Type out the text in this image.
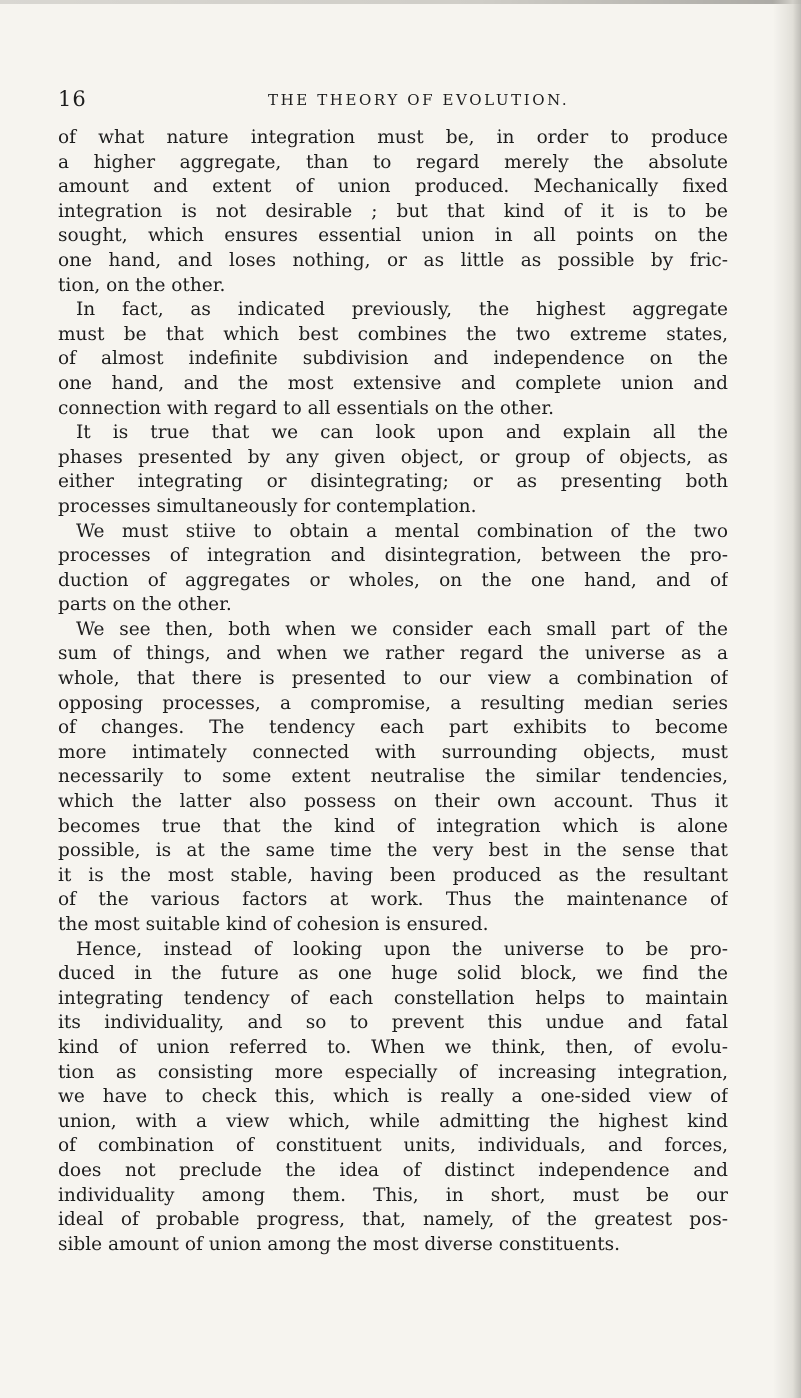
16	THE THEORY OF EVOLUTION.
of what nature integration must be, in order to produce
a higher aggregate, than to regard merely the absolute
amount and extent of union produced. Mechanically fixed
integration is not desirable ; but that kind of it is to be
sought, which ensures essential union in all points on the
one hand, and loses nothing, or as little as possible by fric-
tion, on the other.
In fact, as indicated previously, the highest aggregate
must be that which best combines the two extreme states,
of almost indefinite subdivision and independence on the
one hand, and the most extensive and complete union and
connection with regard to all essentials on the other.
It is true that we can look upon and explain all the
phases presented by any given object, or group of objects, as
either integrating or disintegrating; or as presenting both
processes simultaneously for contemplation.
We must stiive to obtain a mental combination of the two
processes of integration and disintegration, between the pro-
duction of aggregates or wholes, on the one hand, and of
parts on the other.
We see then, both when we consider each small part of the
sum of things, and when we rather regard the universe as a
whole, that there is presented to our view a combination of
opposing processes, a compromise, a resulting median series
of changes. The tendency each part exhibits to become
more intimately connected with surrounding objects, must
necessarily to some extent neutralise the similar tendencies,
which the latter also possess on their own account. Thus it
becomes true that the kind of integration which is alone
possible, is at the same time the very best in the sense that
it is the most stable, having been produced as the resultant
of the various factors at work. Thus the maintenance of
the most suitable kind of cohesion is ensured.
Hence, instead of looking upon the universe to be pro-
duced in the future as one huge solid block, we find the
integrating tendency of each constellation helps to maintain
its individuality, and so to prevent this undue and fatal
kind of union referred to. When we think, then, of evolu-
tion as consisting more especially of increasing integration,
we have to check this, which is really a one-sided view of
union, with a view which, while admitting the highest kind
of combination of constituent units, individuals, and forces,
does not preclude the idea of distinct independence and
individuality among them. This, in short, must be our
ideal of probable progress, that, namely, of the greatest pos-
sible amount of union among the most diverse constituents.
